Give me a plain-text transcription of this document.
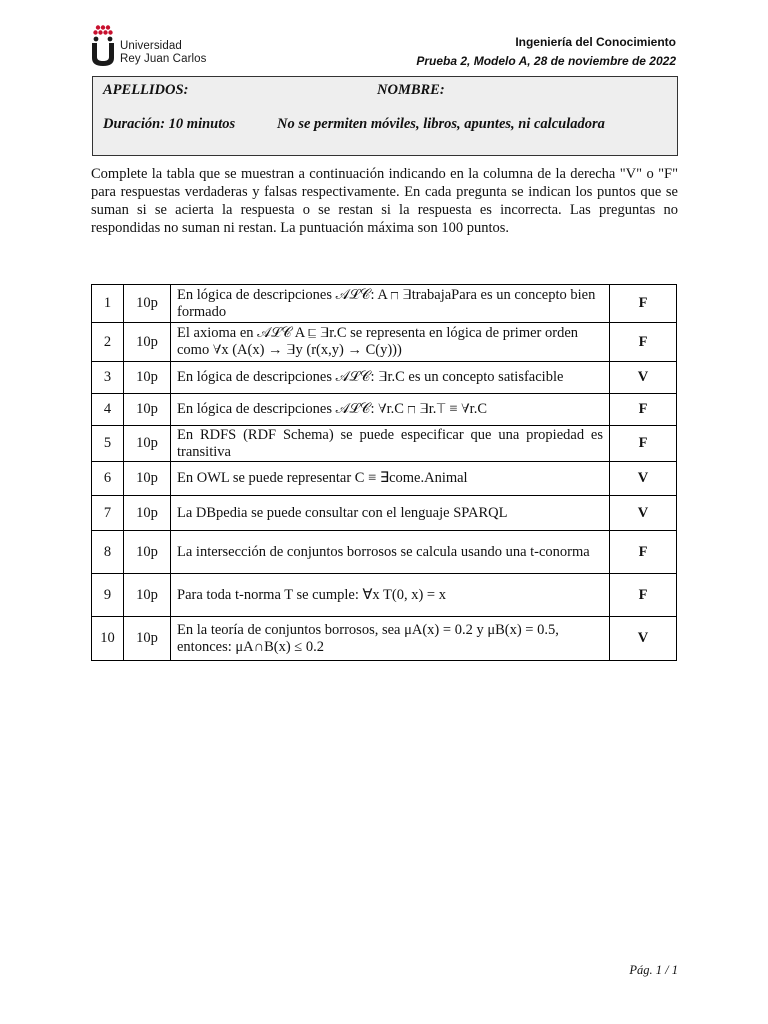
Universidad
Rey Juan Carlos
Ingeniería del Conocimiento
Prueba 2, Modelo A, 28 de noviembre de 2022
APELLIDOS:	NOMBRE:
Duración: 10 minutos	No se permiten móviles, libros, apuntes, ni calculadora
Complete la tabla que se muestran a continuación indicando en la columna de la derecha "V" o "F" para respuestas verdaderas y falsas respectivamente. En cada pregunta se indican los puntos que se suman si se acierta la respuesta o se restan si la respuesta es incorrecta. Las preguntas no respondidas no suman ni restan. La puntuación máxima son 100 puntos.
1	10p	En lógica de descripciones 𝒜ℒ𝒞: A ⊓ ∃trabajaPara es un concepto bien formado	F
2	10p	El axioma en 𝒜ℒ𝒞 A ⊑ ∃r.C se representa en lógica de primer orden como ∀x (A(x) → ∃y (r(x,y) → C(y)))	F
3	10p	En lógica de descripciones 𝒜ℒ𝒞: ∃r.C es un concepto satisfacible	V
4	10p	En lógica de descripciones 𝒜ℒ𝒞: ∀r.C ⊓ ∃r.⊤ ≡ ∀r.C	F
5	10p	En RDFS (RDF Schema) se puede especificar que una propiedad es transitiva	F
6	10p	En OWL se puede representar C ≡ ∃come.Animal	V
7	10p	La DBpedia se puede consultar con el lenguaje SPARQL	V
8	10p	La intersección de conjuntos borrosos se calcula usando una t-conorma	F
9	10p	Para toda t-norma T se cumple: ∀x T(0, x) = x	F
10	10p	En la teoría de conjuntos borrosos, sea μA(x) = 0.2 y μB(x) = 0.5, entonces: μA∩B(x) ≤ 0.2	V
Pág. 1 / 1
